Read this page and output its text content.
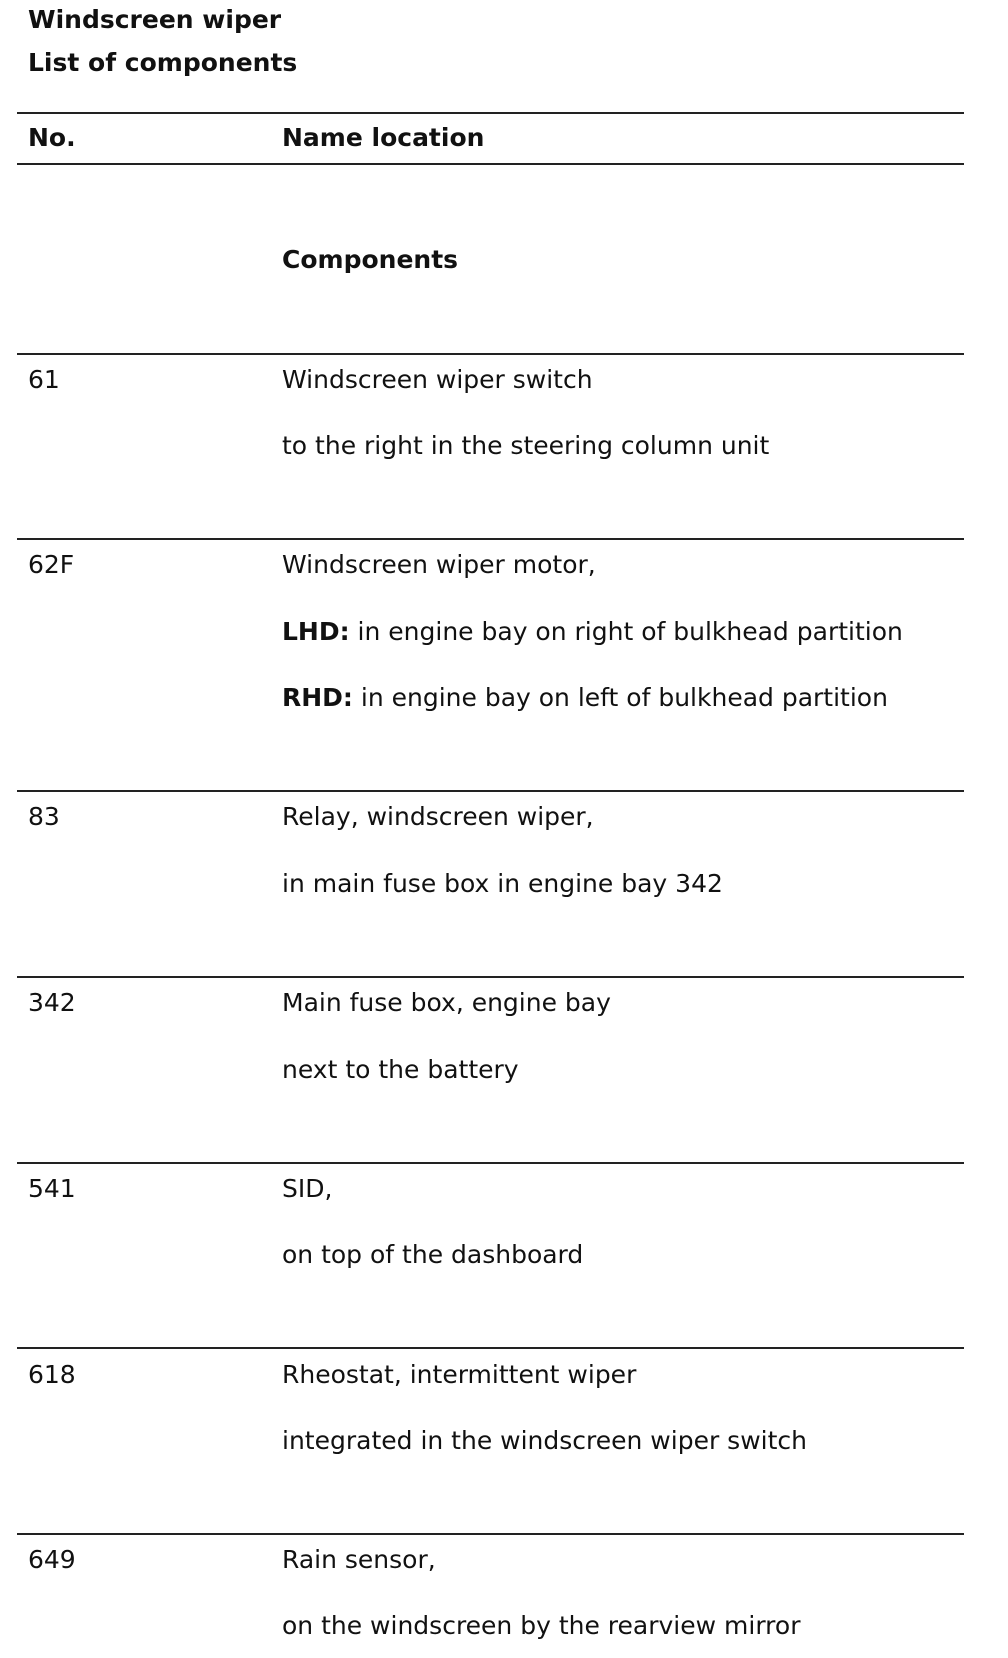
Windscreen wiper
List of components
No.	Name location
Components
61	Windscreen wiper switch
to the right in the steering column unit
62F	Windscreen wiper motor,
LHD: in engine bay on right of bulkhead partition
RHD: in engine bay on left of bulkhead partition
83	Relay, windscreen wiper,
in main fuse box in engine bay 342
342	Main fuse box, engine bay
next to the battery
541	SID,
on top of the dashboard
618	Rheostat, intermittent wiper
integrated in the windscreen wiper switch
649	Rain sensor,
on the windscreen by the rearview mirror
